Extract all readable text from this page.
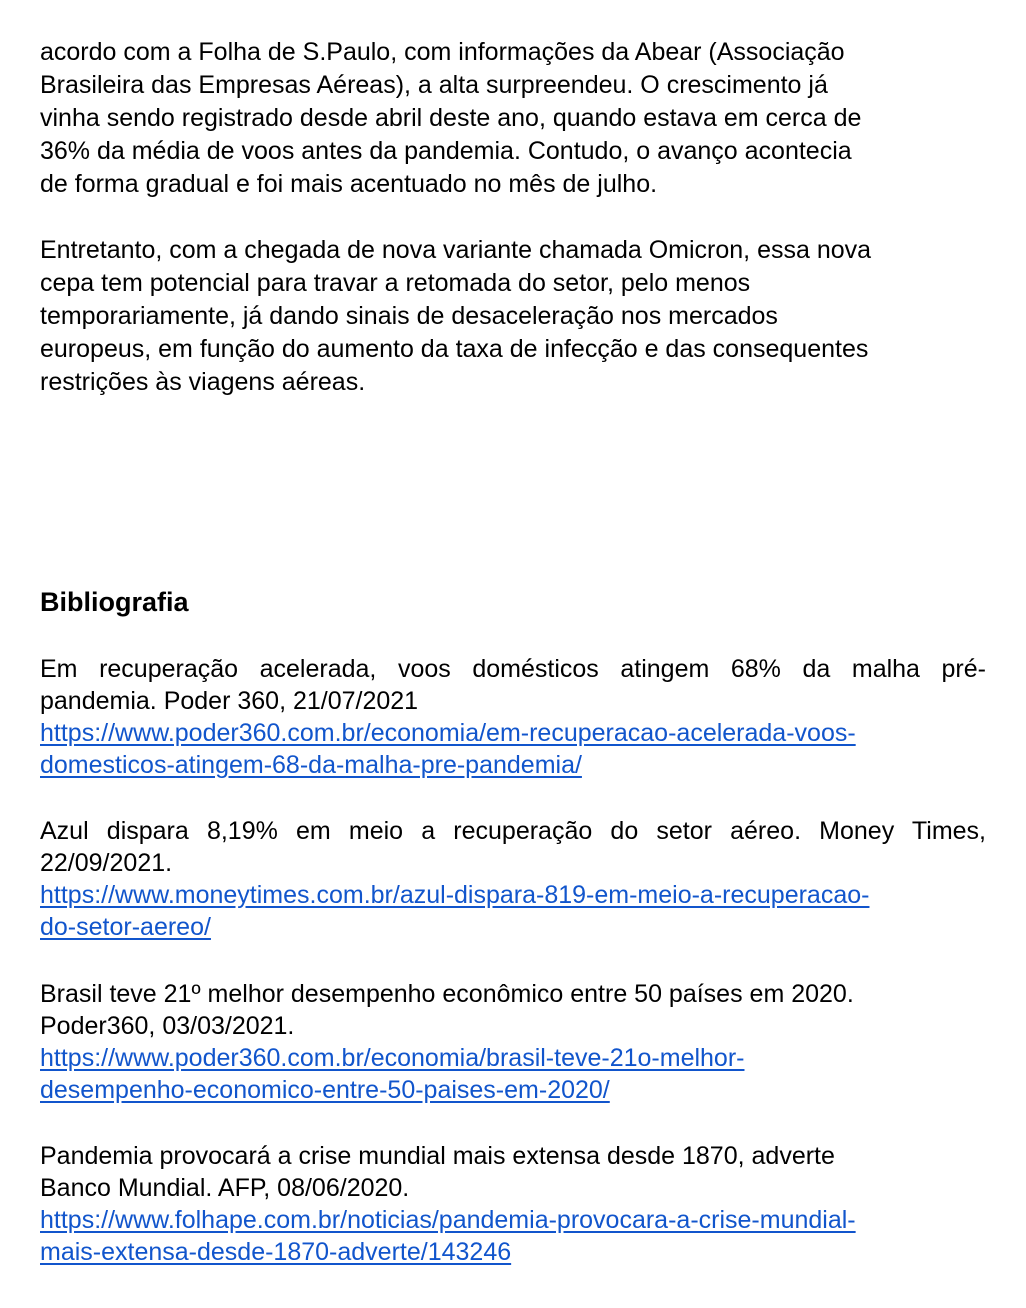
acordo com a Folha de S.Paulo, com informações da Abear (Associação
Brasileira das Empresas Aéreas), a alta surpreendeu. O crescimento já
vinha sendo registrado desde abril deste ano, quando estava em cerca de
36% da média de voos antes da pandemia. Contudo, o avanço acontecia
de forma gradual e foi mais acentuado no mês de julho.

Entretanto, com a chegada de nova variante chamada Omicron, essa nova
cepa tem potencial para travar a retomada do setor, pelo menos
temporariamente, já dando sinais de desaceleração nos mercados
europeus, em função do aumento da taxa de infecção e das consequentes
restrições às viagens aéreas.

Bibliografia
Em recuperação acelerada, voos domésticos atingem 68% da malha pré-
pandemia. Poder 360, 21/07/2021
https://www.poder360.com.br/economia/em-recuperacao-acelerada-voos-
domesticos-atingem-68-da-malha-pre-pandemia/
Azul dispara 8,19% em meio a recuperação do setor aéreo. Money Times,
22/09/2021.
https://www.moneytimes.com.br/azul-dispara-819-em-meio-a-recuperacao-
do-setor-aereo/
Brasil teve 21º melhor desempenho econômico entre 50 países em 2020.
Poder360, 03/03/2021.
https://www.poder360.com.br/economia/brasil-teve-21o-melhor-
desempenho-economico-entre-50-paises-em-2020/
Pandemia provocará a crise mundial mais extensa desde 1870, adverte
Banco Mundial. AFP, 08/06/2020.
https://www.folhape.com.br/noticias/pandemia-provocara-a-crise-mundial-
mais-extensa-desde-1870-adverte/143246
